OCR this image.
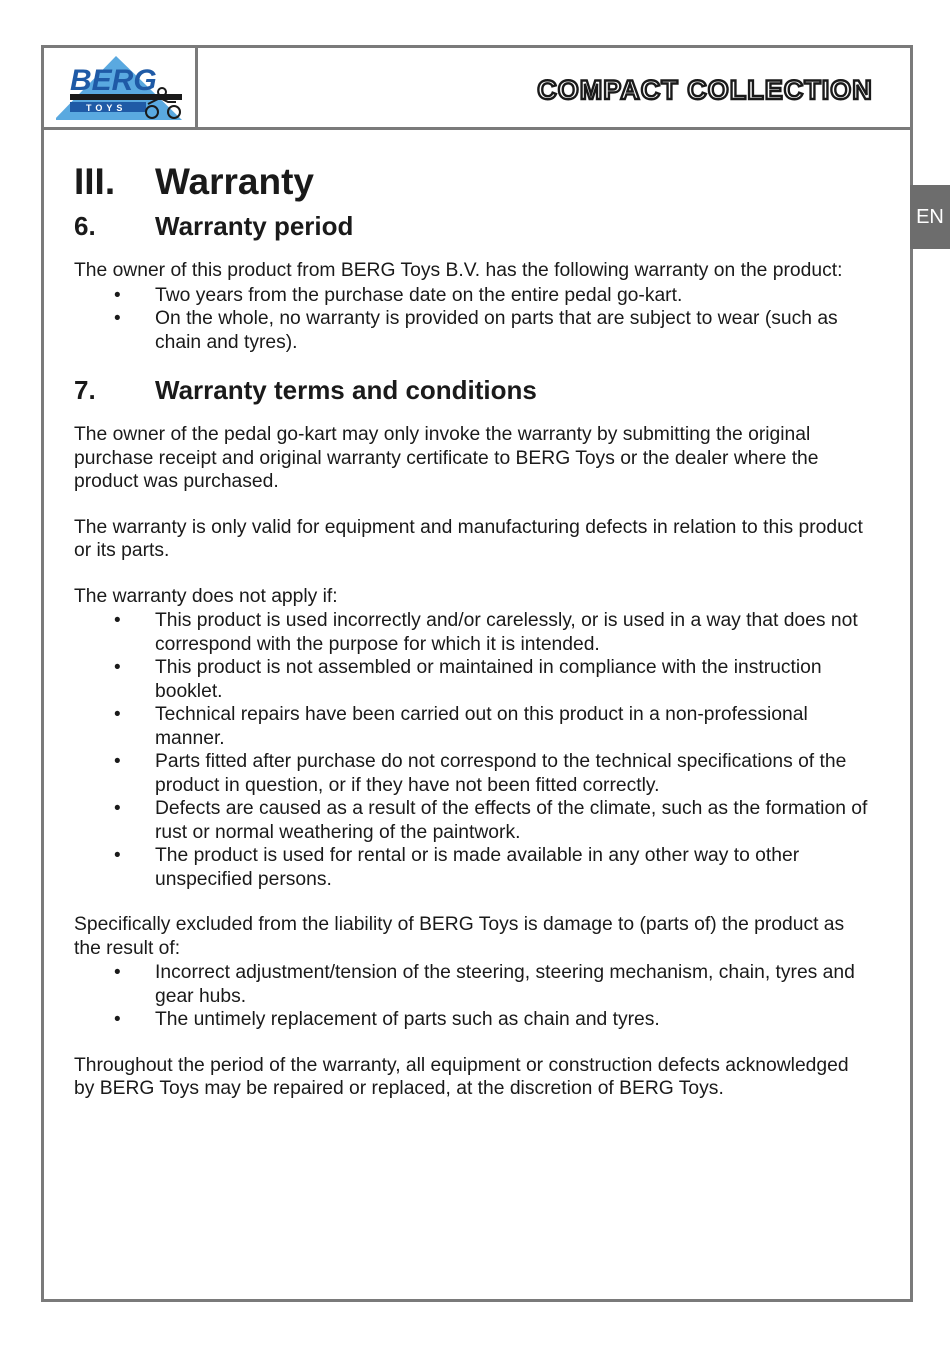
BERG
TOYS
COMPACT COLLECTION
EN
III. Warranty
6. Warranty period

The owner of this product from BERG Toys B.V. has the following warranty on the product:

• Two years from the purchase date on the entire pedal go-kart.
• On the whole, no warranty is provided on parts that are subject to wear (such as chain and tyres).
7. Warranty terms and conditions

The owner of the pedal go-kart may only invoke the warranty by submitting the original purchase receipt and original warranty certificate to BERG Toys or the dealer where the product was purchased.

The warranty is only valid for equipment and manufacturing defects in relation to this product or its parts.

The warranty does not apply if:

• This product is used incorrectly and/or carelessly, or is used in a way that does not correspond with the purpose for which it is intended.
• This product is not assembled or maintained in compliance with the instruction booklet.
• Technical repairs have been carried out on this product in a non-professional manner.
• Parts fitted after purchase do not correspond to the technical specifications of the product in question, or if they have not been fitted correctly.
• Defects are caused as a result of the effects of the climate, such as the formation of rust or normal weathering of the paintwork.
• The product is used for rental or is made available in any other way to other unspecified persons.

Specifically excluded from the liability of BERG Toys is damage to (parts of) the product as the result of:

• Incorrect adjustment/tension of the steering, steering mechanism, chain, tyres and gear hubs.
• The untimely replacement of parts such as chain and tyres.

Throughout the period of the warranty, all equipment or construction defects acknowledged by BERG Toys may be repaired or replaced, at the discretion of BERG Toys.
